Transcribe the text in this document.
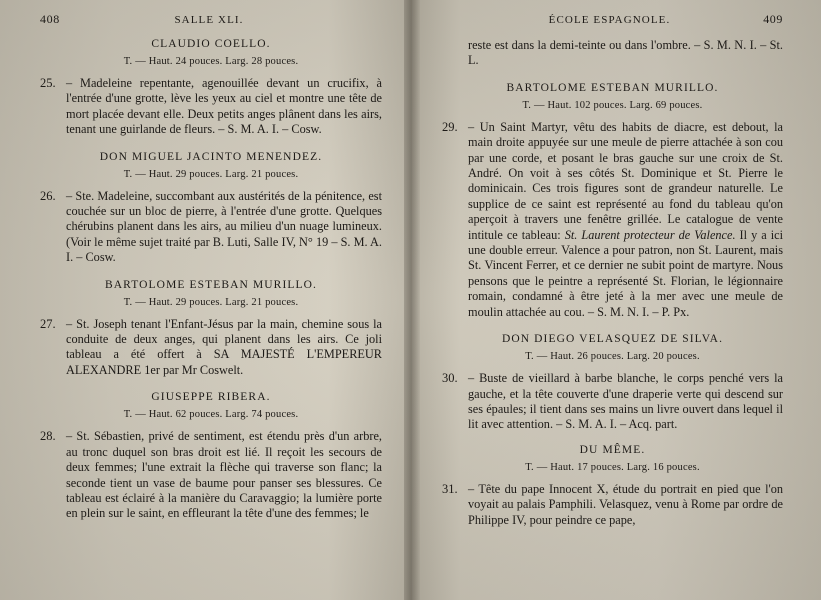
408	SALLE XLI.
CLAUDIO COELLO.
T. — Haut. 24 pouces. Larg. 28 pouces.
25. – Madeleine repentante, agenouillée devant un crucifix, à l'entrée d'une grotte, lève les yeux au ciel et montre une tête de mort placée devant elle. Deux petits anges plânent dans les airs, tenant une guirlande de fleurs. – S. M. A. I. – Cosw.
DON MIGUEL JACINTO MENENDEZ.
T. — Haut. 29 pouces. Larg. 21 pouces.
26. – Ste. Madeleine, succombant aux austérités de la pénitence, est couchée sur un bloc de pierre, à l'entrée d'une grotte. Quelques chérubins planent dans les airs, au milieu d'un nuage lumineux. (Voir le même sujet traité par B. Luti, Salle IV, N° 19 – S. M. A. I. – Cosw.
BARTOLOME ESTEBAN MURILLO.
T. — Haut. 29 pouces. Larg. 21 pouces.
27. – St. Joseph tenant l'Enfant-Jésus par la main, chemine sous la conduite de deux anges, qui planent dans les airs. Ce joli tableau a été offert à SA MAJESTÉ L'EMPEREUR ALEXANDRE 1er par Mr Coswelt.
GIUSEPPE RIBERA.
T. — Haut. 62 pouces. Larg. 74 pouces.
28. – St. Sébastien, privé de sentiment, est étendu près d'un arbre, au tronc duquel son bras droit est lié. Il reçoit les secours de deux femmes; l'une extrait la flèche qui traverse son flanc; la seconde tient un vase de baume pour panser ses blessures. Ce tableau est éclairé à la manière du Caravaggio; la lumière porte en plein sur le saint, en effleurant la tête d'une des femmes; le
ÉCOLE ESPAGNOLE.	409
reste est dans la demi-teinte ou dans l'ombre. – S. M. N. I. – St. L.
BARTOLOME ESTEBAN MURILLO.
T. — Haut. 102 pouces. Larg. 69 pouces.
29. – Un Saint Martyr, vêtu des habits de diacre, est debout, la main droite appuyée sur une meule de pierre attachée à son cou par une corde, et posant le bras gauche sur une croix de St. André. On voit à ses côtés St. Dominique et St. Pierre le dominicain. Ces trois figures sont de grandeur naturelle. Le supplice de ce saint est représenté au fond du tableau qu'on aperçoit à travers une fenêtre grillée. Le catalogue de vente intitule ce tableau: St. Laurent protecteur de Valence. Il y a ici une double erreur. Valence a pour patron, non St. Laurent, mais St. Vincent Ferrer, et ce dernier ne subit point de martyre. Nous pensons que le peintre a représenté St. Florian, le légionnaire romain, condamné à être jeté à la mer avec une meule de moulin attachée au cou. – S. M. N. I. – P. Px.
DON DIEGO VELASQUEZ DE SILVA.
T. — Haut. 26 pouces. Larg. 20 pouces.
30. – Buste de vieillard à barbe blanche, le corps penché vers la gauche, et la tête couverte d'une draperie verte qui descend sur ses épaules; il tient dans ses mains un livre ouvert dans lequel il lit avec attention. – S. M. A. I. – Acq. part.
DU MÊME.
T. — Haut. 17 pouces. Larg. 16 pouces.
31. – Tête du pape Innocent X, étude du portrait en pied que l'on voyait au palais Pamphili. Velasquez, venu à Rome par ordre de Philippe IV, pour peindre ce pape,
